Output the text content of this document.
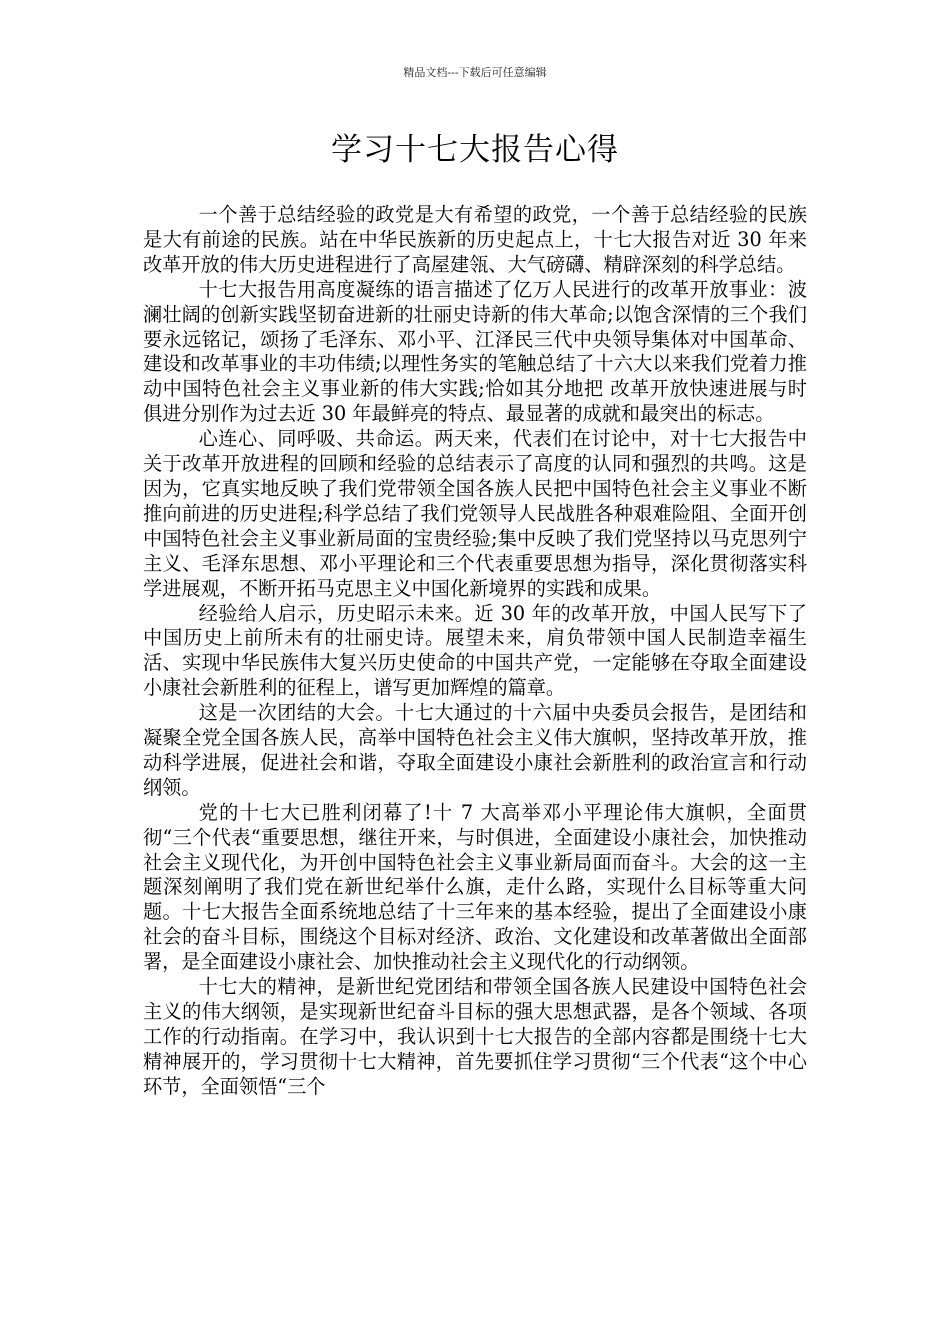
精品文档---下载后可任意编辑
学习十七大报告心得

一个善于总结经验的政党是大有希望的政党，一个善于总结经验的民族是大有前途的民族。站在中华民族新的历史起点上，十七大报告对近 30 年来改革开放的伟大历史进程进行了高屋建瓴、大气磅礴、精辟深刻的科学总结。

十七大报告用高度凝练的语言描述了亿万人民进行的改革开放事业：波澜壮阔的创新实践坚韧奋进新的壮丽史诗新的伟大革命;以饱含深情的三个我们要永远铭记，颂扬了毛泽东、邓小平、江泽民三代中央领导集体对中国革命、建设和改革事业的丰功伟绩;以理性务实的笔触总结了十六大以来我们党着力推动中国特色社会主义事业新的伟大实践;恰如其分地把 改革开放快速进展与时俱进分别作为过去近 30 年最鲜亮的特点、最显著的成就和最突出的标志。

心连心、同呼吸、共命运。两天来，代表们在讨论中，对十七大报告中关于改革开放进程的回顾和经验的总结表示了高度的认同和强烈的共鸣。这是因为，它真实地反映了我们党带领全国各族人民把中国特色社会主义事业不断推向前进的历史进程;科学总结了我们党领导人民战胜各种艰难险阻、全面开创中国特色社会主义事业新局面的宝贵经验;集中反映了我们党坚持以马克思列宁主义、毛泽东思想、邓小平理论和三个代表重要思想为指导，深化贯彻落实科学进展观，不断开拓马克思主义中国化新境界的实践和成果。

经验给人启示，历史昭示未来。近 30 年的改革开放，中国人民写下了中国历史上前所未有的壮丽史诗。展望未来，肩负带领中国人民制造幸福生活、实现中华民族伟大复兴历史使命的中国共产党，一定能够在夺取全面建设小康社会新胜利的征程上，谱写更加辉煌的篇章。

这是一次团结的大会。十七大通过的十六届中央委员会报告，是团结和凝聚全党全国各族人民，高举中国特色社会主义伟大旗帜，坚持改革开放，推动科学进展，促进社会和谐，夺取全面建设小康社会新胜利的政治宣言和行动纲领。

党的十七大已胜利闭幕了!十 7 大高举邓小平理论伟大旗帜，全面贯彻“三个代表“重要思想，继往开来，与时俱进，全面建设小康社会，加快推动社会主义现代化，为开创中国特色社会主义事业新局面而奋斗。大会的这一主题深刻阐明了我们党在新世纪举什么旗，走什么路，实现什么目标等重大问题。十七大报告全面系统地总结了十三年来的基本经验，提出了全面建设小康社会的奋斗目标，围绕这个目标对经济、政治、文化建设和改革著做出全面部署，是全面建设小康社会、加快推动社会主义现代化的行动纲领。

十七大的精神，是新世纪党团结和带领全国各族人民建设中国特色社会主义的伟大纲领，是实现新世纪奋斗目标的强大思想武器，是各个领域、各项工作的行动指南。在学习中，我认识到十七大报告的全部内容都是围绕十七大精神展开的，学习贯彻十七大精神，首先要抓住学习贯彻“三个代表“这个中心环节，全面领悟“三个
